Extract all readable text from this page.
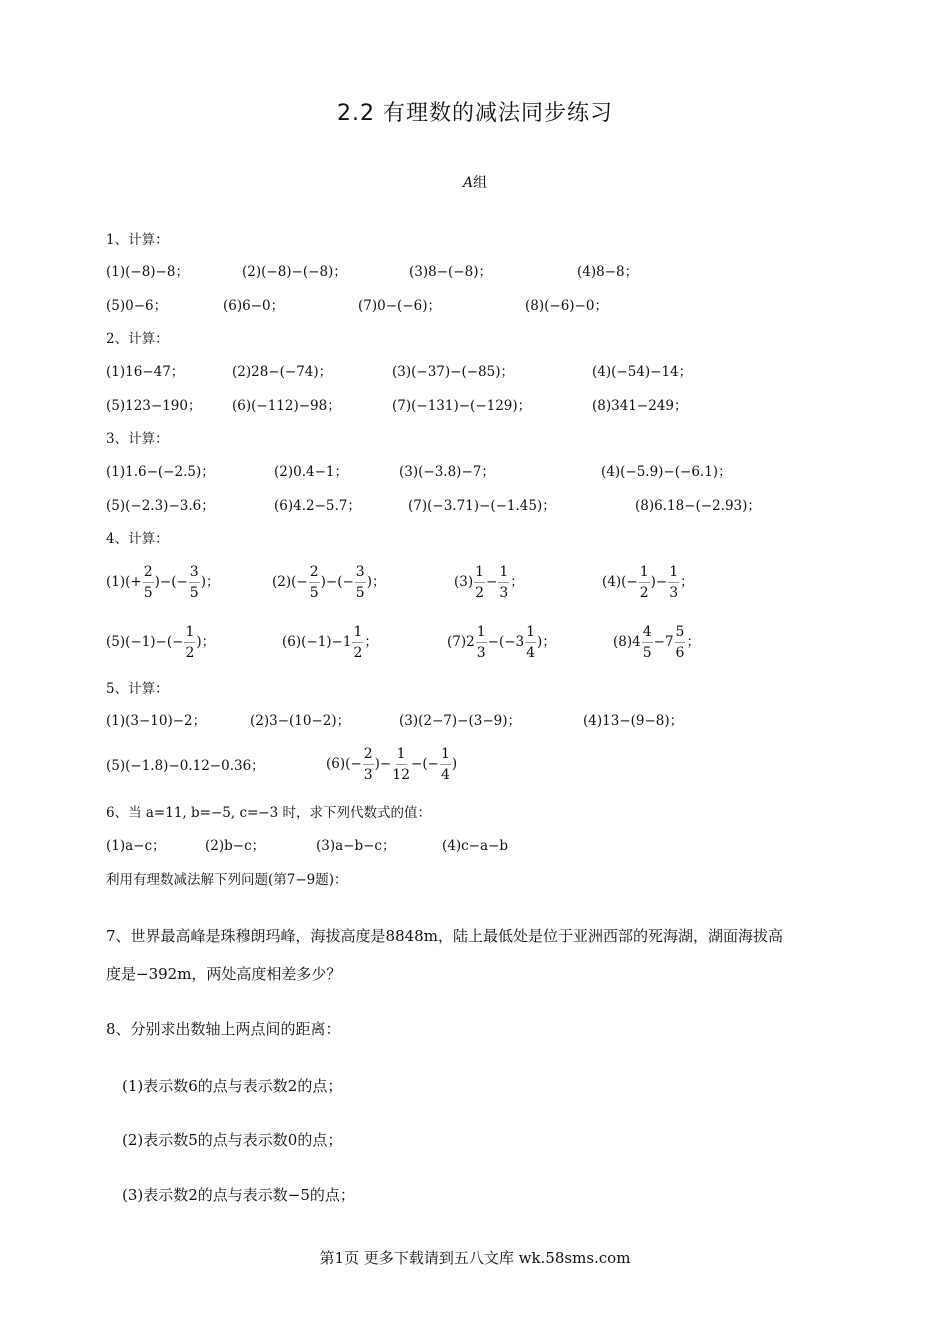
2.2 有理数的减法同步练习
A组
1、计算：
(1)(−8)−8；	(2)(−8)−(−8)；	(3)8−(−8)；	(4)8−8；
(5)0−6；	(6)6−0；	(7)0−(−6)；	(8)(−6)−0；
2、计算：
(1)16−47；	(2)28−(−74)；	(3)(−37)−(−85)；	(4)(−54)−14；
(5)123−190； (6)(−112)−98；	(7)(−131)−(−129)；	(8)341−249；
3、计算：
(1)1.6−(−2.5)；	(2)0.4−1；	(3)(−3.8)−7；	(4)(−5.9)−(−6.1)；
(5)(−2.3)−3.6；	(6)4.2−5.7；	(7)(−3.71)−(−1.45)；	(8)6.18−(−2.93)；
4、计算：
$(1)(+ \frac{2}{5}$ )−(− $\frac{3}{5}$ )；	$(2)(- \frac{2}{5}$ )−(− $\frac{3}{5}$ )；	$(3) \frac{1}{2} - \frac{1}{3}$ ；	$(4)(- \frac{1}{2}$ )− $\frac{1}{3}$ ；
$(5)(-1)-(- \frac{1}{2}$ )；	$(6)(-1)-1 \frac{1}{2}$ ；	$(7)2 \frac{1}{3} -(-3 \frac{1}{4}$ )；	$(8)4 \frac{4}{5} -7 \frac{5}{6}$ ；
5、计算：
(1)(3−10)−2；	(2)3−(10−2)；	(3)(2−7)−(3−9)；	(4)13−(9−8)；
(5)(−1.8)−0.12−0.36；	$(6)(- \frac{2}{3}$ )− $\frac{1}{12}$ −(− $\frac{1}{4}$ )
6、当 a=11, b=−5, c=−3 时，求下列代数式的值：
(1)a−c；	(2)b−c；	(3)a−b−c；	(4)c−a−b
利用有理数减法解下列问题(第7−9题)：
7、世界最高峰是珠穆朗玛峰，海拔高度是8848m，陆上最低处是位于亚洲西部的死海湖，湖面海拔高
度是−392m，两处高度相差多少？
8、分别求出数轴上两点间的距离：
(1)表示数6的点与表示数2的点；
(2)表示数5的点与表示数0的点；
(3)表示数2的点与表示数−5的点；
第1页 更多下载请到五八文库 wk.58sms.com
